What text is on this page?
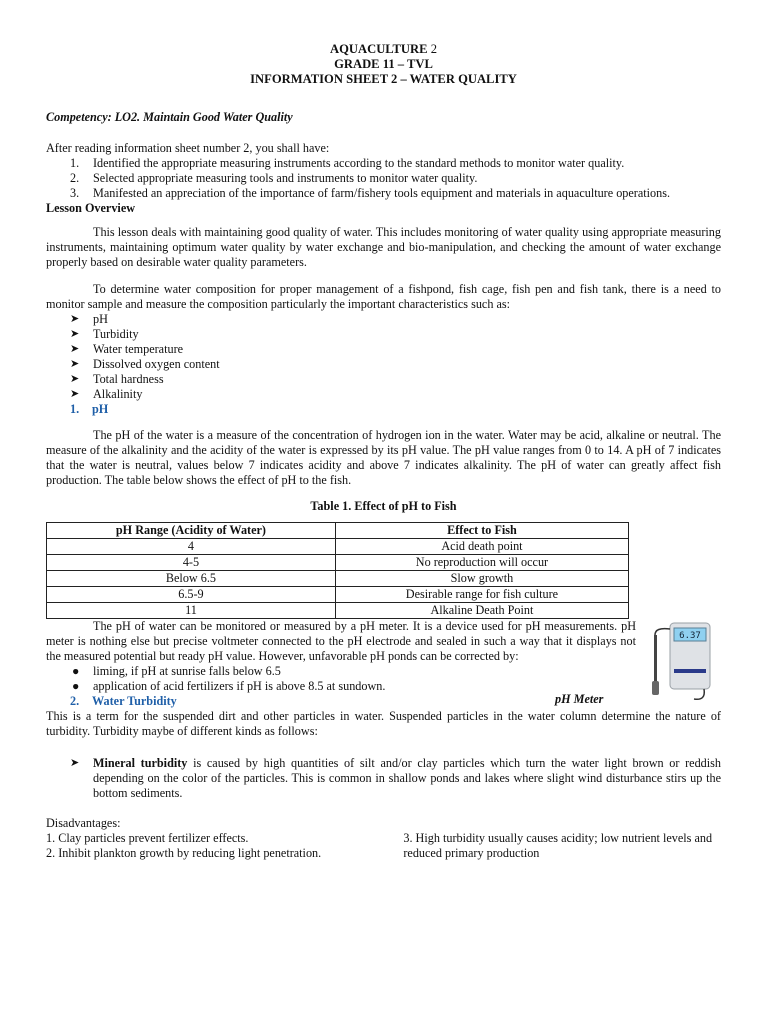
AQUACULTURE 2
GRADE 11 – TVL
INFORMATION SHEET 2 – WATER QUALITY
Competency: LO2. Maintain Good Water Quality
After reading information sheet number 2, you shall have:
1. Identified the appropriate measuring instruments according to the standard methods to monitor water quality.
2. Selected appropriate measuring tools and instruments to monitor water quality.
3. Manifested an appreciation of the importance of farm/fishery tools equipment and materials in aquaculture operations.
Lesson Overview

This lesson deals with maintaining good quality of water. This includes monitoring of water quality using appropriate measuring instruments, maintaining optimum water quality by water exchange and bio-manipulation, and checking the amount of water exchange properly based on desirable water quality parameters.

To determine water composition for proper management of a fishpond, fish cage, fish pen and fish tank, there is a need to monitor sample and measure the composition particularly the important characteristics such as:

➤ pH
➤ Turbidity
➤ Water temperature
➤ Dissolved oxygen content
➤ Total hardness
➤ Alkalinity
1. pH

The pH of the water is a measure of the concentration of hydrogen ion in the water. Water may be acid, alkaline or neutral. The measure of the alkalinity and the acidity of the water is expressed by its pH value. The pH value ranges from 0 to 14. A pH of 7 indicates that the water is neutral, values below 7 indicates acidity and above 7 indicates alkalinity. The pH of water can greatly affect fish production. The table below shows the effect of pH to the fish.

Table 1. Effect of pH to Fish
pH Range (Acidity of Water)	Effect to Fish
4	Acid death point
4-5	No reproduction will occur
Below 6.5	Slow growth
6.5-9	Desirable range for fish culture
11	Alkaline Death Point
The pH of water can be monitored or measured by a pH meter. It is a device used for pH measurements. pH meter is nothing else but precise voltmeter connected to the pH electrode and sealed in such a way that it displays not the measured potential but ready pH value. However, unfavorable pH ponds can be corrected by:
● liming, if pH at sunrise falls below 6.5
● application of acid fertilizers if pH is above 8.5 at sundown.
pH Meter
6.37
2. Water Turbidity
This is a term for the suspended dirt and other particles in water. Suspended particles in the water column determine the nature of turbidity. Turbidity maybe of different kinds as follows:
➤ Mineral turbidity is caused by high quantities of silt and/or clay particles which turn the water light brown or reddish depending on the color of the particles. This is common in shallow ponds and lakes where slight wind disturbance stirs up the bottom sediments.
Disadvantages:
1. Clay particles prevent fertilizer effects.
2. Inhibit plankton growth by reducing light penetration.
3. High turbidity usually causes acidity; low nutrient levels and
reduced primary production
